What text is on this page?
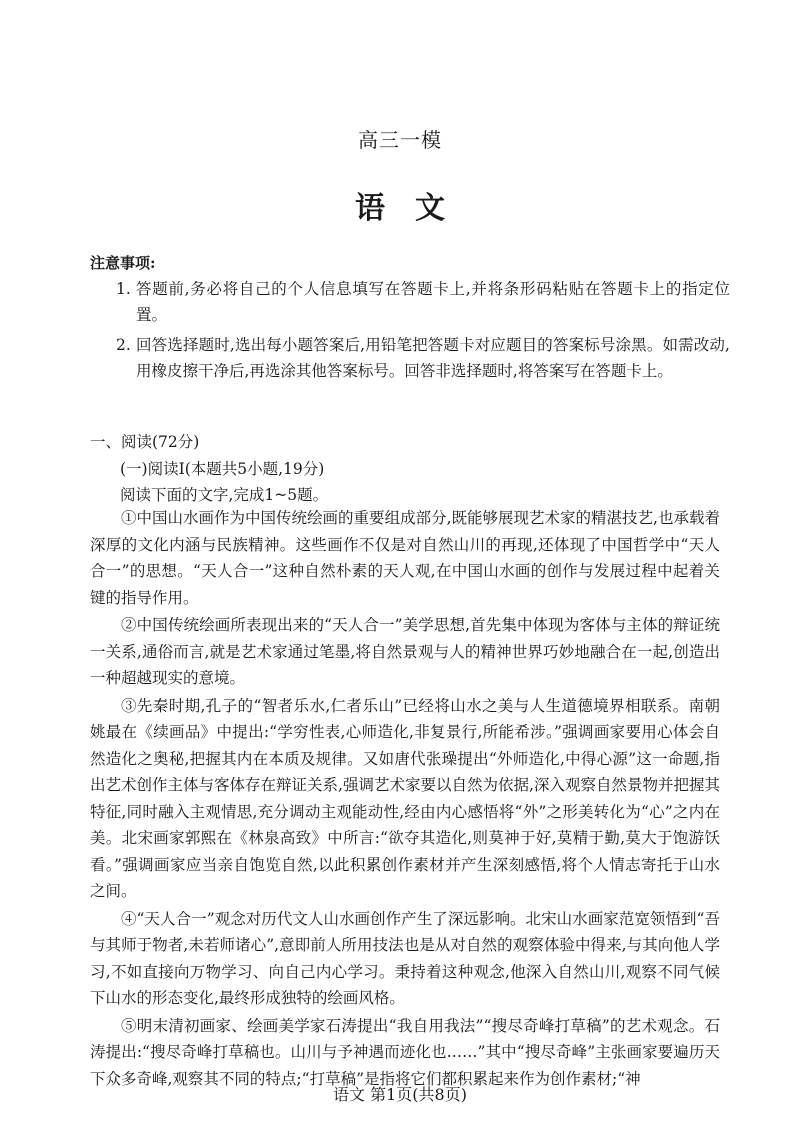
高三一模
语文
注意事项:
1. 答题前,务必将自己的个人信息填写在答题卡上,并将条形码粘贴在答题卡上的指定位置。
2. 回答选择题时,选出每小题答案后,用铅笔把答题卡对应题目的答案标号涂黑。如需改动,用橡皮擦干净后,再选涂其他答案标号。回答非选择题时,将答案写在答题卡上。
一、阅读(72分)
(一)阅读Ⅰ(本题共5小题,19分)
阅读下面的文字,完成1~5题。

①中国山水画作为中国传统绘画的重要组成部分,既能够展现艺术家的精湛技艺,也承载着深厚的文化内涵与民族精神。这些画作不仅是对自然山川的再现,还体现了中国哲学中“天人合一”的思想。“天人合一”这种自然朴素的天人观,在中国山水画的创作与发展过程中起着关键的指导作用。

②中国传统绘画所表现出来的“天人合一”美学思想,首先集中体现为客体与主体的辩证统一关系,通俗而言,就是艺术家通过笔墨,将自然景观与人的精神世界巧妙地融合在一起,创造出一种超越现实的意境。

③先秦时期,孔子的“智者乐水,仁者乐山”已经将山水之美与人生道德境界相联系。南朝姚最在《续画品》中提出:“学穷性表,心师造化,非复景行,所能希涉。”强调画家要用心体会自然造化之奥秘,把握其内在本质及规律。又如唐代张璪提出“外师造化,中得心源”这一命题,指出艺术创作主体与客体存在辩证关系,强调艺术家要以自然为依据,深入观察自然景物并把握其特征,同时融入主观情思,充分调动主观能动性,经由内心感悟将“外”之形美转化为“心”之内在美。北宋画家郭熙在《林泉高致》中所言:“欲夺其造化,则莫神于好,莫精于勤,莫大于饱游饫看。”强调画家应当亲自饱览自然,以此积累创作素材并产生深刻感悟,将个人情志寄托于山水之间。

④“天人合一”观念对历代文人山水画创作产生了深远影响。北宋山水画家范宽领悟到“吾与其师于物者,未若师诸心”,意即前人所用技法也是从对自然的观察体验中得来,与其向他人学习,不如直接向万物学习、向自己内心学习。秉持着这种观念,他深入自然山川,观察不同气候下山水的形态变化,最终形成独特的绘画风格。

⑤明末清初画家、绘画美学家石涛提出“我自用我法”“搜尽奇峰打草稿”的艺术观念。石涛提出:“搜尽奇峰打草稿也。山川与予神遇而迹化也……”其中“搜尽奇峰”主张画家要遍历天下众多奇峰,观察其不同的特点;“打草稿”是指将它们都积累起来作为创作素材;“神

语文 第1页(共8页)
